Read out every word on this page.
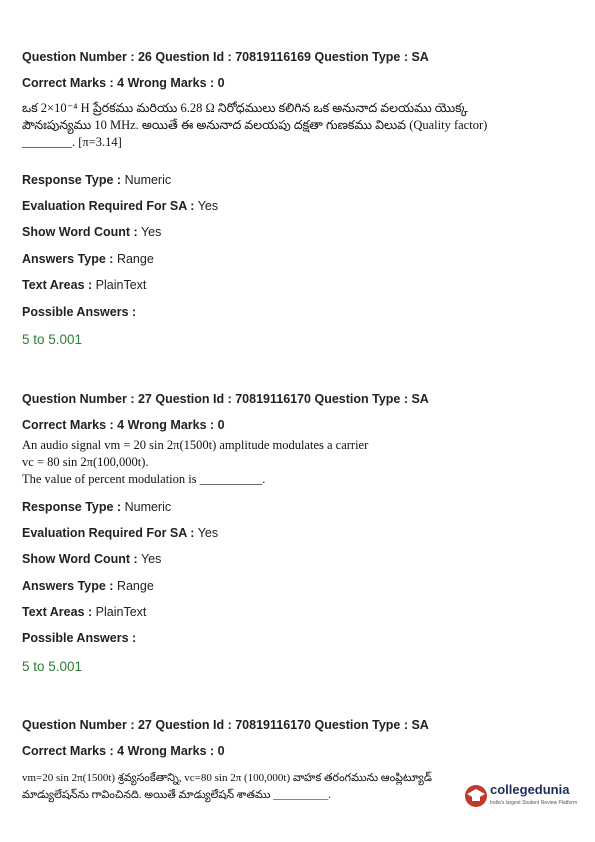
Question Number : 26 Question Id : 70819116169 Question Type : SA
Correct Marks : 4 Wrong Marks : 0
ఒక 2×10⁻⁴ H ప్రేరకము మరియు 6.28 Ω నిరోధములు కలిగిన ఒక అనునాద వలయము యొక్క
పౌనఃపున్యము 10 MHz. అయితే ఈ అనునాద వలయపు దక్షతా గుణకము విలువ (Quality factor)
________. [π=3.14]
Response Type : Numeric
Evaluation Required For SA : Yes
Show Word Count : Yes
Answers Type : Range
Text Areas : PlainText
Possible Answers :
5 to 5.001
Question Number : 27 Question Id : 70819116170 Question Type : SA
Correct Marks : 4 Wrong Marks : 0
An audio signal vm = 20 sin 2π(1500t) amplitude modulates a carrier
vc = 80 sin 2π(100,000t).
The value of percent modulation is __________.
Response Type : Numeric
Evaluation Required For SA : Yes
Show Word Count : Yes
Answers Type : Range
Text Areas : PlainText
Possible Answers :
5 to 5.001
Question Number : 27 Question Id : 70819116170 Question Type : SA
Correct Marks : 4 Wrong Marks : 0
vm=20 sin 2π(1500t) శ్రవ్యసంకేతాన్ని, vc=80 sin 2π (100,000t) వాహక తరంగమును ఆంప్లిట్యూడ్
మాడ్యులేషన్‌ను గావించినది. అయితే మాడ్యులేషన్ శాతము __________.	collegedunia
India's largest Student Review Platform
